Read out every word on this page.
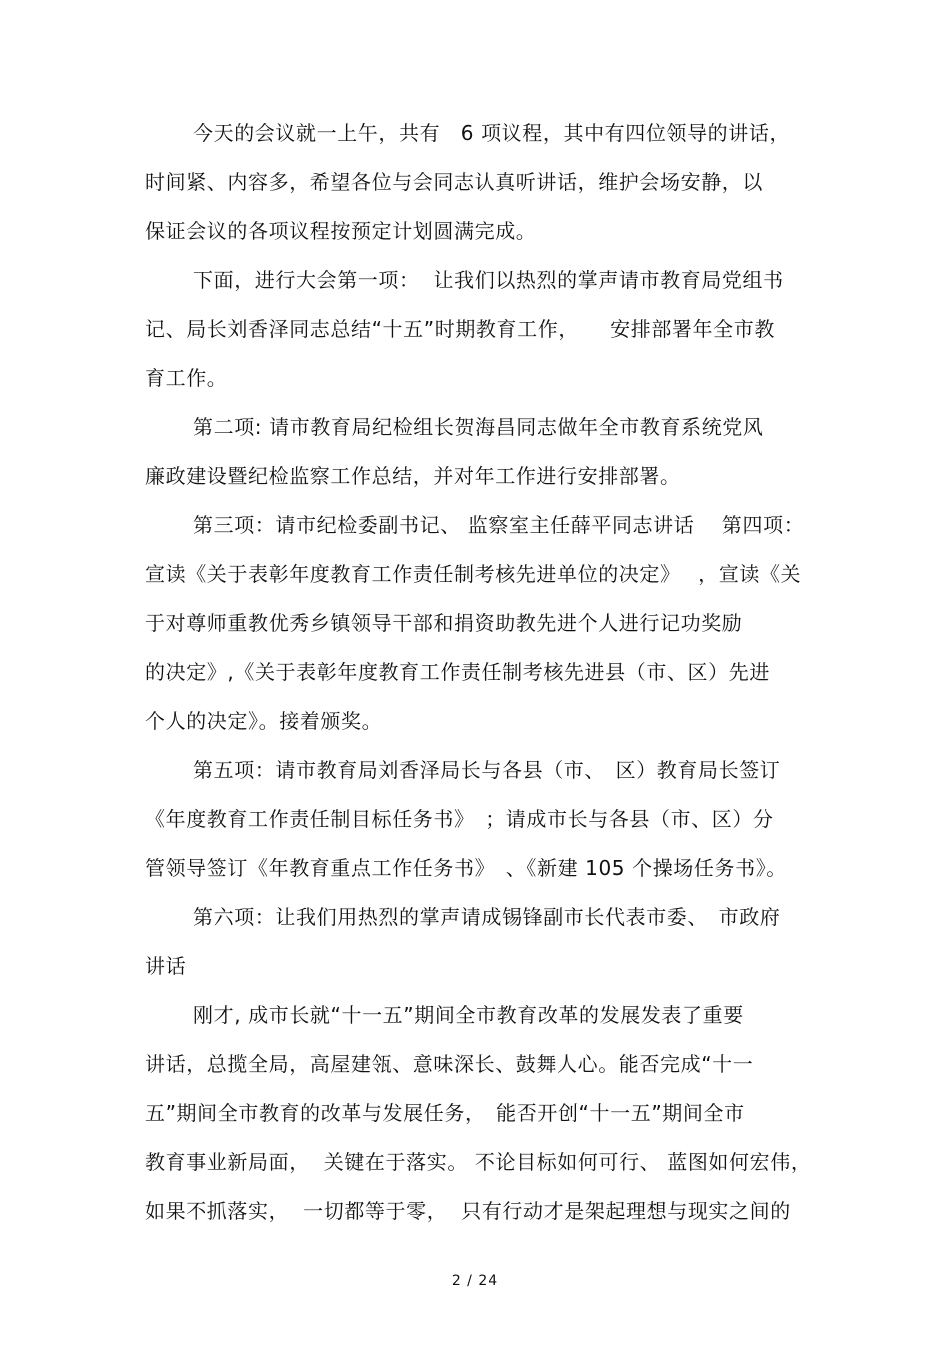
今天的会议就一上午，共有　6 项议程，其中有四位领导的讲话，
时间紧、内容多，希望各位与会同志认真听讲话，维护会场安静，以
保证会议的各项议程按预定计划圆满完成。
下面，进行大会第一项：  让我们以热烈的掌声请市教育局党组书
记、局长刘香泽同志总结“十五”时期教育工作，　　安排部署年全市教
育工作。
第二项: 请市教育局纪检组长贺海昌同志做年全市教育系统党风
廉政建设暨纪检监察工作总结，并对年工作进行安排部署。
第三项：请市纪检委副书记、 监察室主任薛平同志讲话　 第四项：
宣读《关于表彰年度教育工作责任制考核先进单位的决定》　 ，宣读《关
于对尊师重教优秀乡镇领导干部和捐资助教先进个人进行记功奖励
的决定》,《关于表彰年度教育工作责任制考核先进县（市、区）先进
个人的决定》。接着颁奖。
第五项：请市教育局刘香泽局长与各县（市、　区）教育局长签订
《年度教育工作责任制目标任务书》　；请成市长与各县（市、区）分
管领导签订《年教育重点工作任务书》　、《新建 105 个操场任务书》。
第六项：让我们用热烈的掌声请成锡锋副市长代表市委、　市政府
讲话
刚才, 成市长就“十一五”期间全市教育改革的发展发表了重要
讲话，总揽全局，高屋建瓴、意味深长、鼓舞人心。能否完成“十一
五”期间全市教育的改革与发展任务，　能否开创“十一五”期间全市
教育事业新局面，  关键在于落实。 不论目标如何可行、 蓝图如何宏伟，
如果不抓落实，  一切都等于零，  只有行动才是架起理想与现实之间的
2 / 24
